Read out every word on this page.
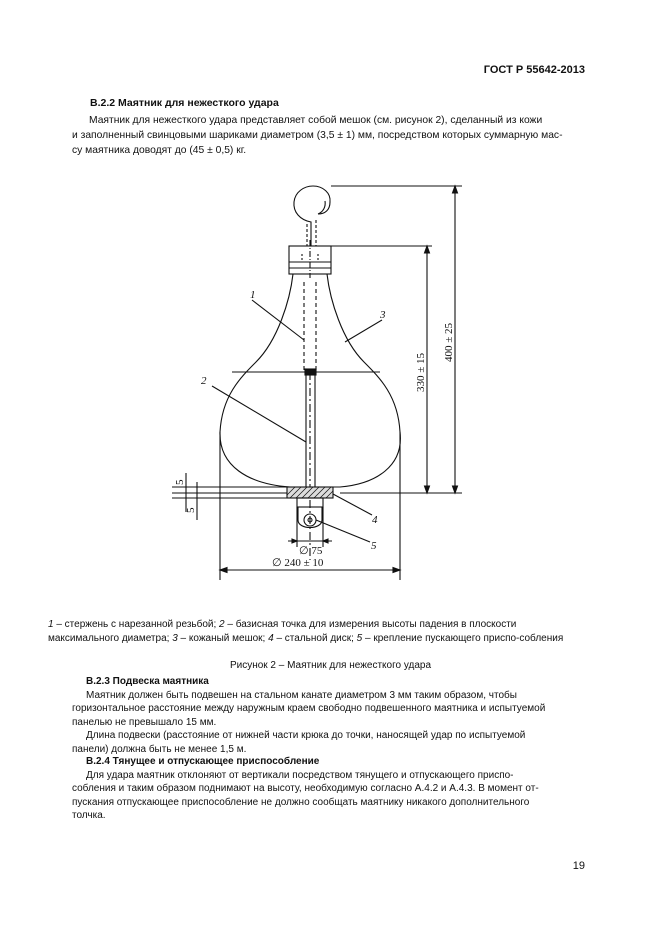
ГОСТ Р 55642-2013
В.2.2 Маятник для нежесткого удара
Маятник для нежесткого удара представляет собой мешок (см. рисунок 2), сделанный из кожи
и заполненный свинцовыми шариками диаметром (3,5 ± 1) мм, посредством которых суммарную мас-
су маятника доводят до (45 ± 0,5) кг.
1
2
3
4
5
∅ 75
∅ 240 ± 10
400 ± 25
330 ± 15
5
5
1 – стержень с нарезанной резьбой; 2 – базисная точка для измерения высоты падения в плоскости максимального диаметра; 3 – кожаный мешок; 4 – стальной диск; 5 – крепление пускающего приспо-собления
Рисунок 2 – Маятник для нежесткого удара
В.2.3 Подвеска маятника
Маятник должен быть подвешен на стальном канате диаметром 3 мм таким образом, чтобы
горизонтальное расстояние между наружным краем свободно подвешенного маятника и испытуемой
панелью не превышало 15 мм.
Длина подвески (расстояние от нижней части крюка до точки, наносящей удар по испытуемой
панели) должна быть не менее 1,5 м.
В.2.4 Тянущее и отпускающее приспособление
Для удара маятник отклоняют от вертикали посредством тянущего и отпускающего приспо-
собления и таким образом поднимают на высоту, необходимую согласно А.4.2 и А.4.3. В момент от-
пускания отпускающее приспособление не должно сообщать маятнику никакого дополнительного
толчка.
19
